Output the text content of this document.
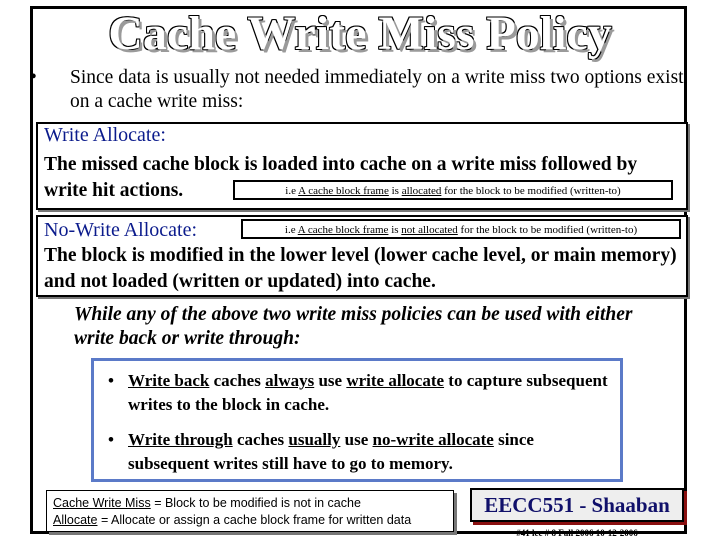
Cache Write Miss Policy
•	Since data is usually not needed immediately on a write miss two options exist on a cache write miss:
Write Allocate:
The missed cache block is loaded into cache on a write miss followed by write hit actions.	i.e A cache block frame is allocated for the block to be modified (written-to)
No-Write Allocate:	i.e A cache block frame is not allocated for the block to be modified (written-to)
The block is modified in the lower level (lower cache level, or main memory) and not loaded (written or updated) into cache.
While any of the above two write miss policies can be used with either write back or write through:
• Write back caches always use write allocate to capture subsequent writes to the block in cache.
• Write through caches usually use no-write allocate since subsequent writes still have to go to memory.
Cache Write Miss = Block to be modified is not in cache
Allocate = Allocate or assign a cache block frame for written data
EECC551 - Shaaban
#41 lec # 8 Fall 2006 10-12-2006
